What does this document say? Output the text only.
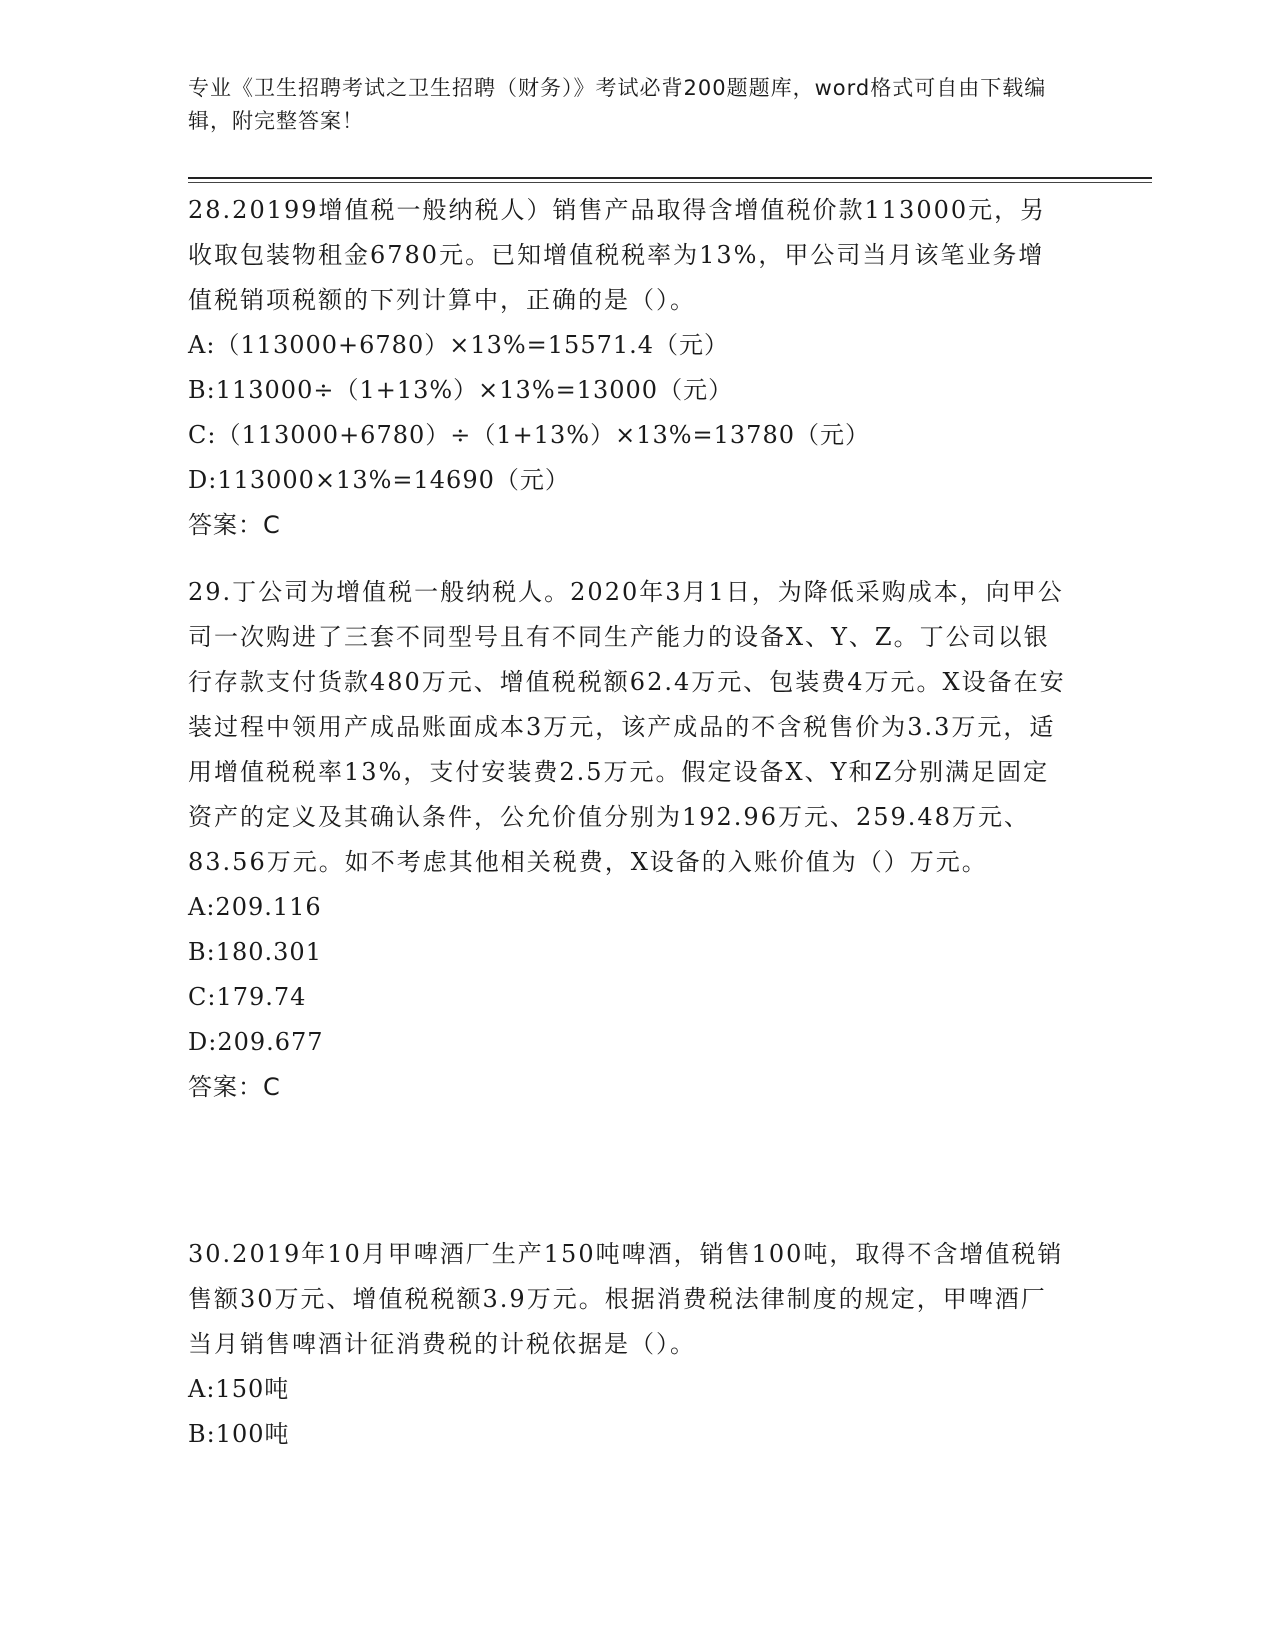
专业《卫生招聘考试之卫生招聘（财务）》考试必背200题题库，word格式可自由下载编辑，附完整答案！

28.20199增值税一般纳税人）销售产品取得含增值税价款113000元，另收取包装物租金6780元。已知增值税税率为13%，甲公司当月该笔业务增值税销项税额的下列计算中，正确的是（）。

A:（113000+6780）×13%=15571.4（元）

B:113000÷（1+13%）×13%=13000（元）

C:（113000+6780）÷（1+13%）×13%=13780（元）

D:113000×13%=14690（元）

答案：C

29.丁公司为增值税一般纳税人。2020年3月1日，为降低采购成本，向甲公司一次购进了三套不同型号且有不同生产能力的设备X、Y、Z。丁公司以银行存款支付货款480万元、增值税税额62.4万元、包装费4万元。X设备在安装过程中领用产成品账面成本3万元，该产成品的不含税售价为3.3万元，适用增值税税率13%，支付安装费2.5万元。假定设备X、Y和Z分别满足固定资产的定义及其确认条件，公允价值分别为192.96万元、259.48万元、83.56万元。如不考虑其他相关税费，X设备的入账价值为（）万元。

A:209.116

B:180.301

C:179.74

D:209.677

答案：C

30.2019年10月甲啤酒厂生产150吨啤酒，销售100吨，取得不含增值税销售额30万元、增值税税额3.9万元。根据消费税法律制度的规定，甲啤酒厂当月销售啤酒计征消费税的计税依据是（）。

A:150吨

B:100吨
